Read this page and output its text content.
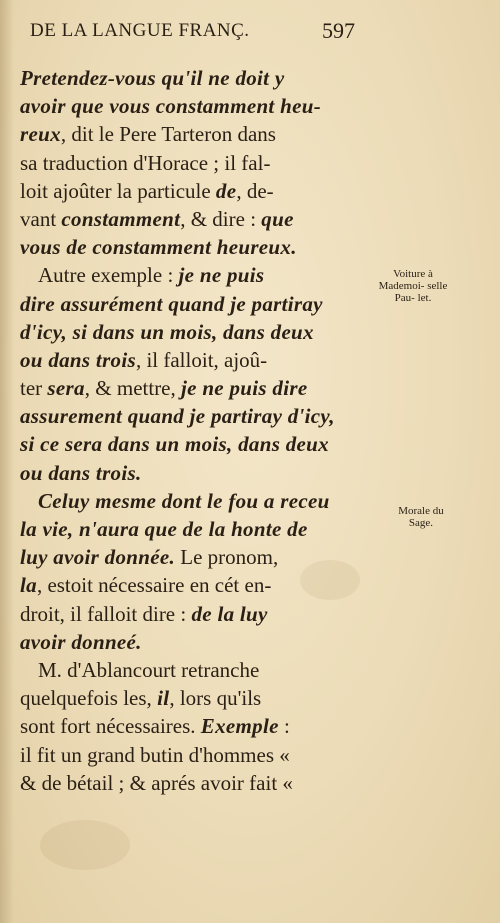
DE LA LANGUE FRANÇ.	597
Pretendez-vous qu'il ne doit y
avoir que vous constamment heu-
reux, dit le Pere Tarteron dans
sa traduction d'Horace ; il fal-
loit ajoûter la particule de, de-
vant constamment, & dire : que
vous de constamment heureux.
Autre exemple : je ne puis
dire assurément quand je partiray
d'icy, si dans un mois, dans deux
ou dans trois, il falloit, ajoû-
ter sera, & mettre, je ne puis dire
assurement quand je partiray d'icy,
si ce sera dans un mois, dans deux
ou dans trois.
Celuy mesme dont le fou a receu
la vie, n'aura que de la honte de
luy avoir donnée. Le pronom,
la, estoit nécessaire en cét en-
droit, il falloit dire : de la luy
avoir donneé.
M. d'Ablancourt retranche
quelquefois les, il, lors qu'ils
sont fort nécessaires. Exemple :
il fit un grand butin d'hommes «
& de bétail ; & aprés avoir fait «
Voiture à Mademoi- selle Pau- let.
Morale du Sage.
